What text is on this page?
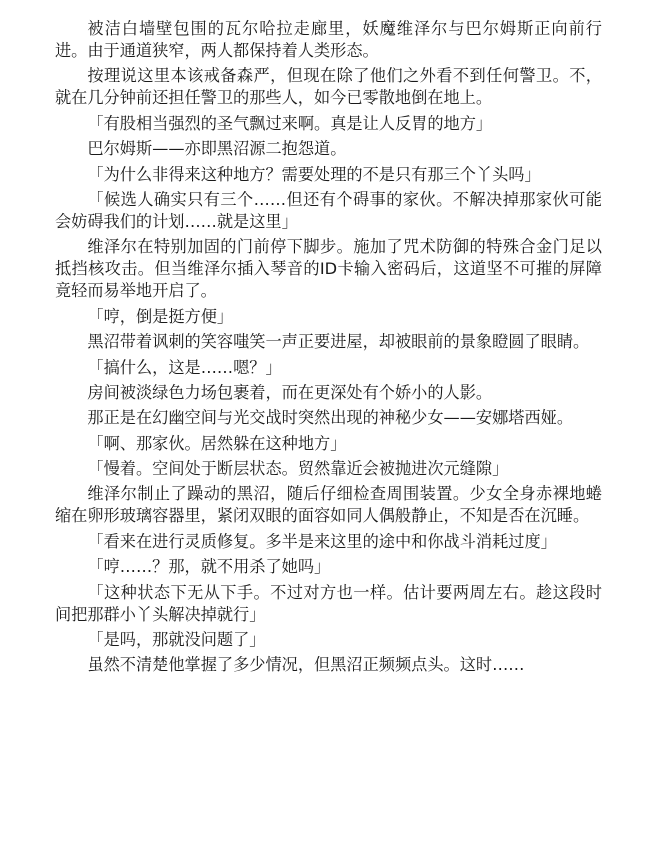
被洁白墙壁包围的瓦尔哈拉走廊里，妖魔维泽尔与巴尔姆斯正向前行进。由于通道狭窄，两人都保持着人类形态。

按理说这里本该戒备森严，但现在除了他们之外看不到任何警卫。不，就在几分钟前还担任警卫的那些人，如今已零散地倒在地上。

「有股相当强烈的圣气飘过来啊。真是让人反胃的地方」

巴尔姆斯——亦即黑沼源二抱怨道。

「为什么非得来这种地方？需要处理的不是只有那三个丫头吗」

「候选人确实只有三个……但还有个碍事的家伙。不解决掉那家伙可能会妨碍我们的计划……就是这里」

维泽尔在特别加固的门前停下脚步。施加了咒术防御的特殊合金门足以抵挡核攻击。但当维泽尔插入琴音的ID卡输入密码后，这道坚不可摧的屏障竟轻而易举地开启了。

「哼，倒是挺方便」

黑沼带着讽刺的笑容嗤笑一声正要进屋，却被眼前的景象瞪圆了眼睛。

「搞什么，这是……嗯？」

房间被淡绿色力场包裹着，而在更深处有个娇小的人影。

那正是在幻幽空间与光交战时突然出现的神秘少女——安娜塔西娅。

「啊、那家伙。居然躲在这种地方」

「慢着。空间处于断层状态。贸然靠近会被抛进次元缝隙」

维泽尔制止了躁动的黑沼，随后仔细检查周围装置。少女全身赤裸地蜷缩在卵形玻璃容器里，紧闭双眼的面容如同人偶般静止，不知是否在沉睡。

「看来在进行灵质修复。多半是来这里的途中和你战斗消耗过度」

「哼……？那，就不用杀了她吗」

「这种状态下无从下手。不过对方也一样。估计要两周左右。趁这段时间把那群小丫头解决掉就行」

「是吗，那就没问题了」

虽然不清楚他掌握了多少情况，但黑沼正频频点头。这时……
